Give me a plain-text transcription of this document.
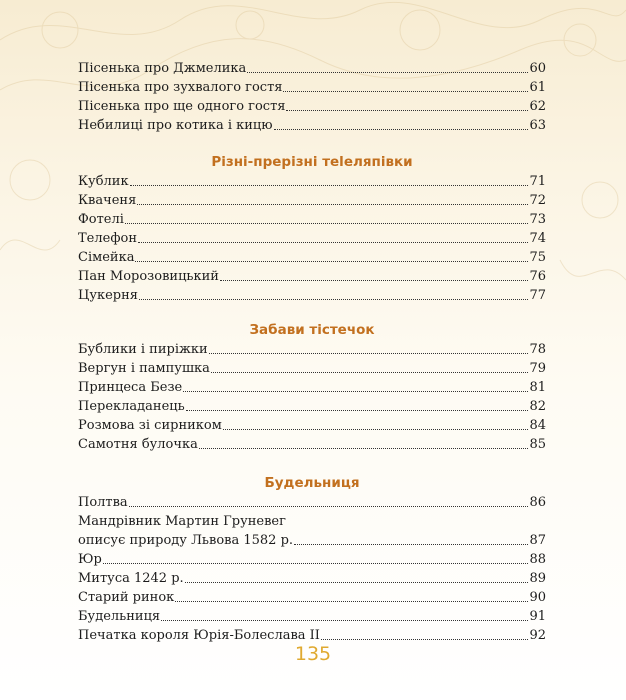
Пісенька про Джмелика	60
Пісенька про зухвалого гостя	61
Пісенька про ще одного гостя	62
Небилиці про котика і кицю	63
Різні-прерізні теleляпівки
Кублик	71
Кваченя	72
Фотелі	73
Телефон	74
Сімейка	75
Пан Морозовицький	76
Цукерня	77
Забави тістечок
Бублики і пиріжки	78
Вергун і пампушка	79
Принцеса Безе	81
Перекладанець	82
Розмова зі сирником	84
Самотня булочка	85
Будельниця
Полтва	86
Мандрівник Мартин Груневег
описує природу Львова 1582 р.	87
Юр	88
Митуса 1242 р.	89
Старий ринок	90
Будельниця	91
Печатка короля Юрія-Болеслава II	92
135
